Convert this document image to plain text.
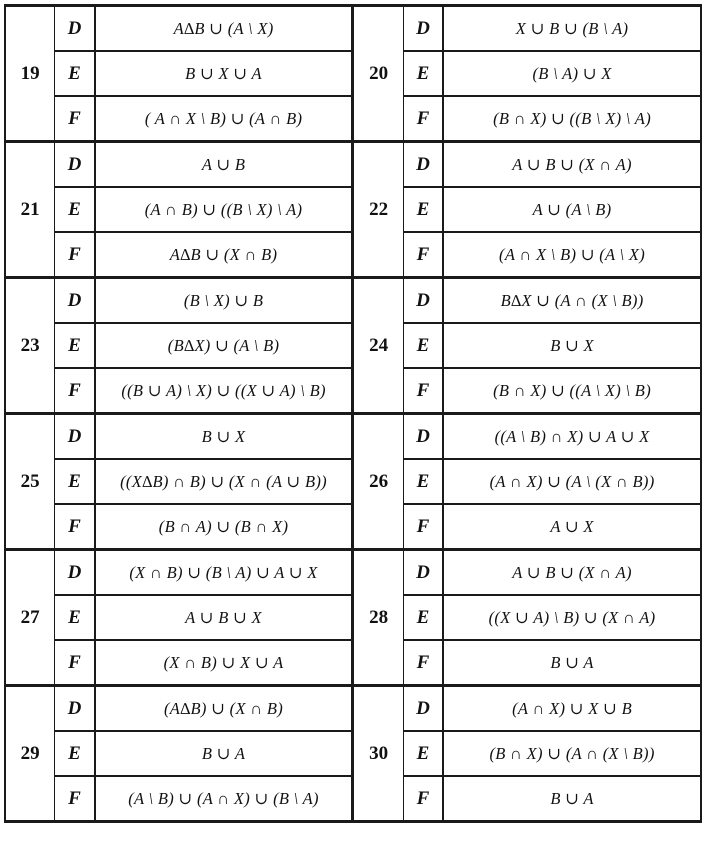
19	D	A∆B ∪ (A \ X)	20	D	X ∪ B ∪ (B \ A)
	E	B ∪ X ∪ A		E	(B \ A) ∪ X
	F	( A ∩ X \ B) ∪ (A ∩ B)		F	(B ∩ X) ∪ ((B \ X) \ A)
21	D	A ∪ B	22	D	A ∪ B ∪ (X ∩ A)
	E	(A ∩ B) ∪ ((B \ X) \ A)		E	A ∪ (A \ B)
	F	A∆B ∪ (X ∩ B)		F	(A ∩ X \ B) ∪ (A \ X)
23	D	(B \ X) ∪ B	24	D	B∆X ∪ (A ∩ (X \ B))
	E	(B∆X) ∪ (A \ B)		E	B ∪ X
	F	((B ∪ A) \ X) ∪ ((X ∪ A) \ B)		F	(B ∩ X) ∪ ((A \ X) \ B)
25	D	B ∪ X	26	D	((A \ B) ∩ X) ∪ A ∪ X
	E	((X∆B) ∩ B) ∪ (X ∩ (A ∪ B))		E	(A ∩ X) ∪ (A \ (X ∩ B))
	F	(B ∩ A) ∪ (B ∩ X)		F	A ∪ X
27	D	(X ∩ B) ∪ (B \ A) ∪ A ∪ X	28	D	A ∪ B ∪ (X ∩ A)
	E	A ∪ B ∪ X		E	((X ∪ A) \ B) ∪ (X ∩ A)
	F	(X ∩ B) ∪ X ∪ A		F	B ∪ A
29	D	(A∆B) ∪ (X ∩ B)	30	D	(A ∩ X) ∪ X ∪ B
	E	B ∪ A		E	(B ∩ X) ∪ (A ∩ (X \ B))
	F	(A \ B) ∪ (A ∩ X) ∪ (B \ A)		F	B ∪ A
